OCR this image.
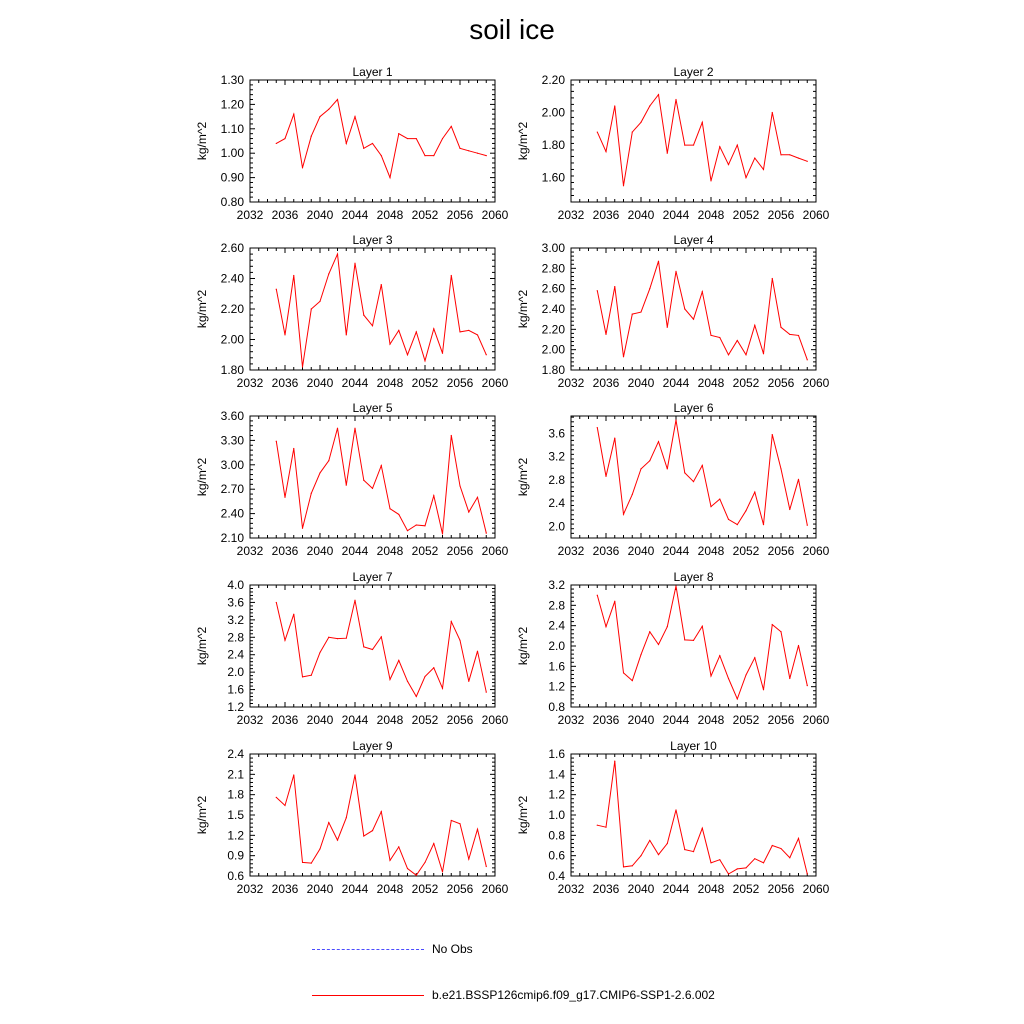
soil ice
Layer 1
kg/m^2
2032 2036 2040 2044 2048 2052 2056 2060
0.80
0.90
1.00
1.10
1.20
1.30
Layer 2
kg/m^2
2032 2036 2040 2044 2048 2052 2056 2060
1.60
1.80
2.00
2.20
Layer 3
kg/m^2
2032 2036 2040 2044 2048 2052 2056 2060
1.80
2.00
2.20
2.40
2.60
Layer 4
kg/m^2
2032 2036 2040 2044 2048 2052 2056 2060
1.80
2.00
2.20
2.40
2.60
2.80
3.00
Layer 5
kg/m^2
2032 2036 2040 2044 2048 2052 2056 2060
2.10
2.40
2.70
3.00
3.30
3.60
Layer 6
kg/m^2
2032 2036 2040 2044 2048 2052 2056 2060
2.0
2.4
2.8
3.2
3.6
Layer 7
kg/m^2
2032 2036 2040 2044 2048 2052 2056 2060
1.2
1.6
2.0
2.4
2.8
3.2
3.6
4.0
Layer 8
kg/m^2
2032 2036 2040 2044 2048 2052 2056 2060
0.8
1.2
1.6
2.0
2.4
2.8
3.2
Layer 9
kg/m^2
2032 2036 2040 2044 2048 2052 2056 2060
0.6
0.9
1.2
1.5
1.8
2.1
2.4
Layer 10
kg/m^2
2032 2036 2040 2044 2048 2052 2056 2060
0.4
0.6
0.8
1.0
1.2
1.4
1.6
No Obs
b.e21.BSSP126cmip6.f09_g17.CMIP6-SSP1-2.6.002
